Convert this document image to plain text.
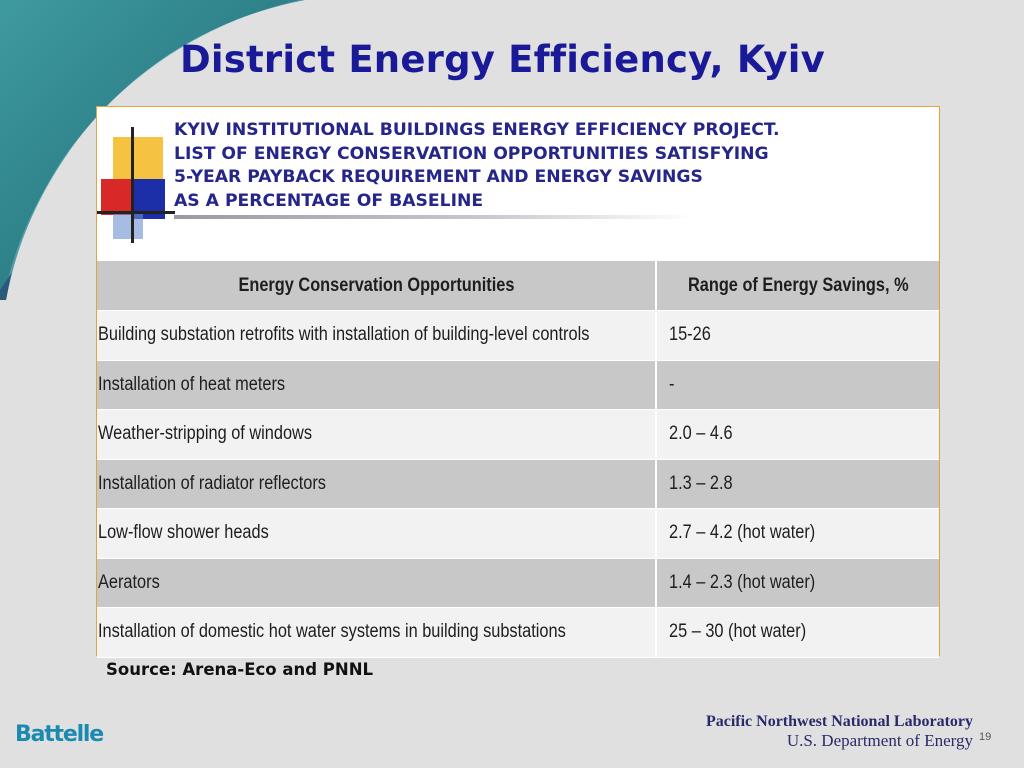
District Energy Efficiency, Kyiv
KYIV INSTITUTIONAL BUILDINGS ENERGY EFFICIENCY PROJECT.
LIST OF ENERGY CONSERVATION OPPORTUNITIES SATISFYING
5-YEAR PAYBACK REQUIREMENT AND ENERGY SAVINGS
AS A PERCENTAGE OF BASELINE
Energy Conservation Opportunities	Range of Energy Savings, %
Building substation retrofits with installation of building-level controls	15-26
Installation of heat meters	-
Weather-stripping of windows	2.0 – 4.6
Installation of radiator reflectors	1.3 – 2.8
Low-flow shower heads	2.7 – 4.2 (hot water)
Aerators	1.4 – 2.3 (hot water)
Installation of domestic hot water systems in building substations	25 – 30 (hot water)
Source: Arena-Eco and PNNL
Battelle
Pacific Northwest National Laboratory
U.S. Department of Energy 19
